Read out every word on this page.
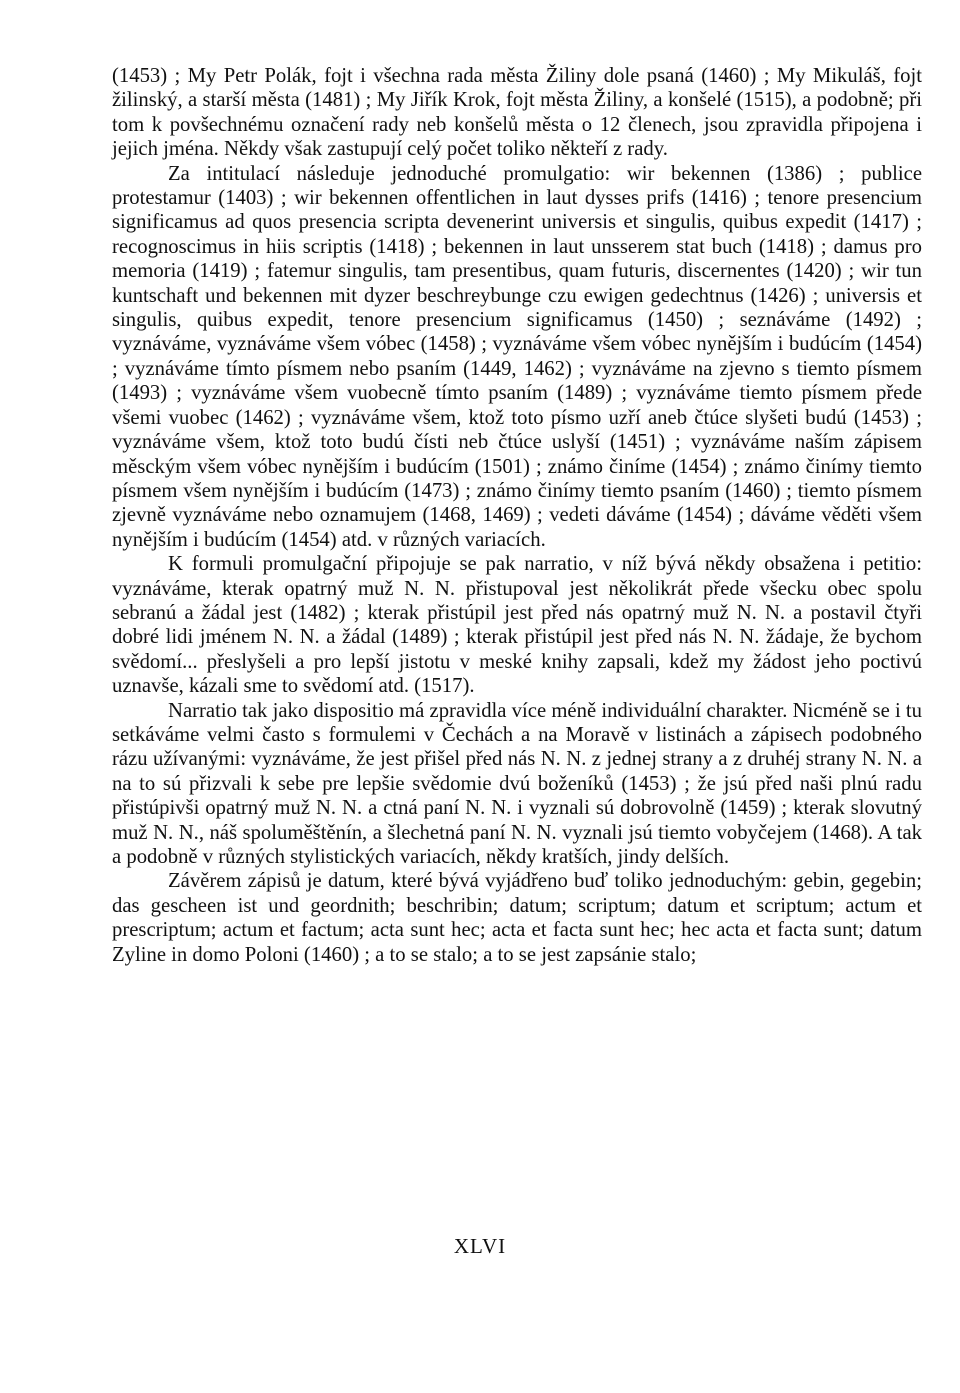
(1453) ; My Petr Polák, fojt i všechna rada města Žiliny dole psaná (1460) ; My Mikuláš, fojt žilinský, a starší města (1481) ; My Jiřík Krok, fojt města Žiliny, a konšelé (1515), a podobně; při tom k povšechnému označení rady neb konšelů města o 12 členech, jsou zpravidla připojena i jejich jména. Někdy však zastupují celý počet toliko někteří z rady.

Za intitulací následuje jednoduché promulgatio: wir bekennen (1386) ; publice protestamur (1403) ; wir bekennen offentlichen in laut dysses prifs (1416) ; tenore presencium significamus ad quos presencia scripta devenerint universis et singulis, quibus expedit (1417) ; recognoscimus in hiis scriptis (1418) ; bekennen in laut unsserem stat buch (1418) ; damus pro memoria (1419) ; fatemur singulis, tam presentibus, quam futuris, discernentes (1420) ; wir tun kuntschaft und bekennen mit dyzer beschreybunge czu ewigen gedechtnus (1426) ; universis et singulis, quibus expedit, tenore presencium significamus (1450) ; seznáváme (1492) ; vyznáváme, vyznáváme všem vóbec (1458) ; vyznáváme všem vóbec nynějším i budúcím (1454) ; vyznáváme tímto písmem nebo psaním (1449, 1462) ; vyznáváme na zjevno s tiemto písmem (1493) ; vyznáváme všem vuobecně tímto psaním (1489) ; vyznáváme tiemto písmem přede všemi vuobec (1462) ; vyznáváme všem, ktož toto písmo uzří aneb čtúce slyšeti budú (1453) ; vyznáváme všem, ktož toto budú čísti neb čtúce uslyší (1451) ; vyznáváme naším zápisem měsckým všem vóbec nynějším i budúcím (1501) ; známo činíme (1454) ; známo činímy tiemto písmem všem nynějším i budúcím (1473) ; známo činímy tiemto psaním (1460) ; tiemto písmem zjevně vyznáváme nebo oznamujem (1468, 1469) ; vedeti dáváme (1454) ; dáváme věděti všem nynějším i budúcím (1454) atd. v různých variacích.

K formuli promulgační připojuje se pak narratio, v níž bývá někdy obsažena i petitio: vyznáváme, kterak opatrný muž N. N. přistupoval jest několikrát přede všecku obec spolu sebranú a žádal jest (1482) ; kterak přistúpil jest před nás opatrný muž N. N. a postavil čtyři dobré lidi jménem N. N. a žádal (1489) ; kterak přistúpil jest před nás N. N. žádaje, že bychom svědomí... přeslyšeli a pro lepší jistotu v meské knihy zapsali, kdež my žádost jeho poctivú uznavše, kázali sme to svědomí atd. (1517).

Narratio tak jako dispositio má zpravidla více méně individuální charakter. Nicméně se i tu setkáváme velmi často s formulemi v Čechách a na Moravě v listinách a zápisech podobného rázu užívanými: vyznáváme, že jest přišel před nás N. N. z jednej strany a z druhéj strany N. N. a na to sú přizvali k sebe pre lepšie svědomie dvú boženíků (1453) ; že jsú před naši plnú radu přistúpivši opatrný muž N. N. a ctná paní N. N. i vyznali sú dobrovolně (1459) ; kterak slovutný muž N. N., náš spoluměštěnín, a šlechetná paní N. N. vyznali jsú tiemto vobyčejem (1468). A tak a podobně v různých stylistických variacích, někdy kratších, jindy delších.

Závěrem zápisů je datum, které bývá vyjádřeno buď toliko jednoduchým: gebin, gegebin; das gescheen ist und geordnith; beschribin; datum; scriptum; datum et scriptum; actum et prescriptum; actum et factum; acta sunt hec; acta et facta sunt hec; hec acta et facta sunt; datum Zyline in domo Poloni (1460) ; a to se stalo; a to se jest zapsánie stalo;

XLVI
